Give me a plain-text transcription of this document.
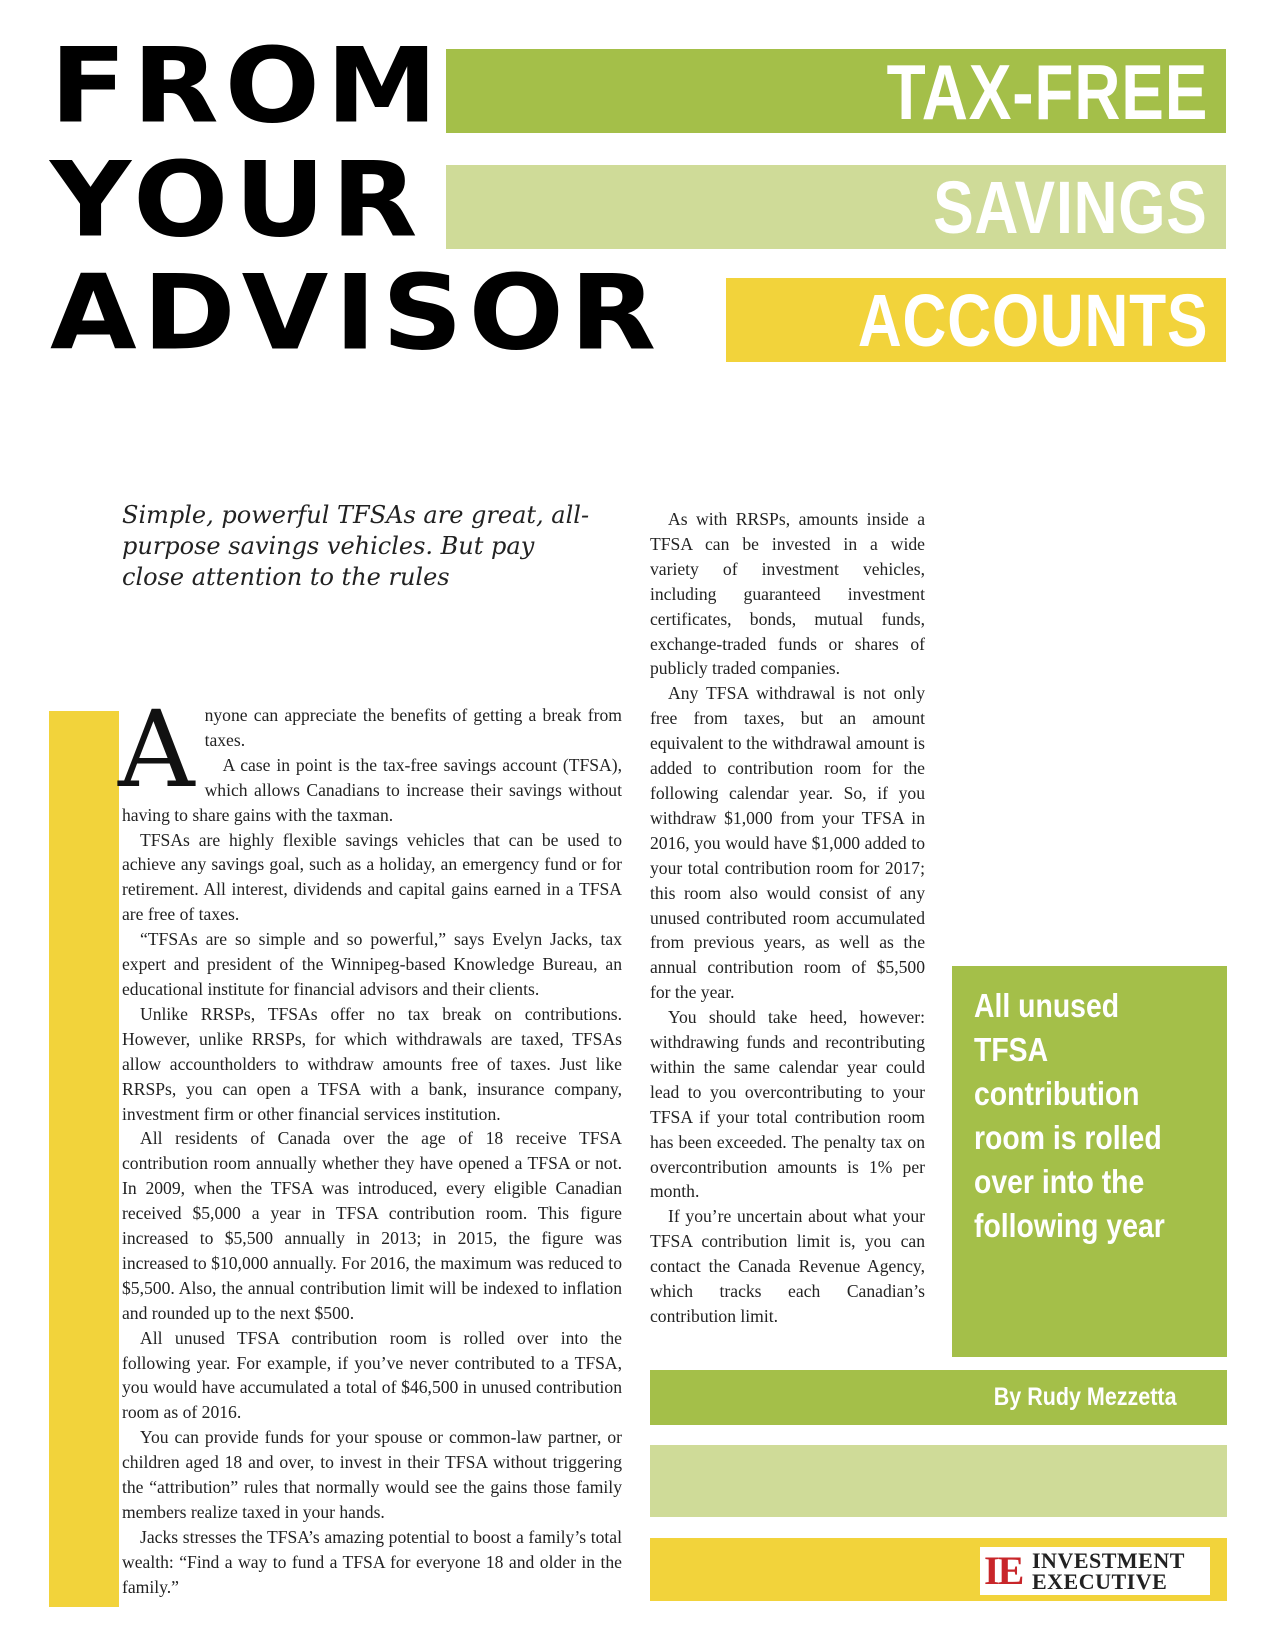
TAX-FREE
SAVINGS
ACCOUNTS
FROM
YOUR
ADVISOR
Simple, powerful TFSAs are great, all-purpose savings vehicles. But pay close attention to the rules

Anyone can appreciate the benefits of getting a break from taxes.

A case in point is the tax-free savings account (TFSA), which allows Canadians to increase their savings without having to share gains with the taxman.

TFSAs are highly flexible savings vehicles that can be used to achieve any savings goal, such as a holiday, an emergency fund or for retirement. All interest, dividends and capital gains earned in a TFSA are free of taxes.

“TFSAs are so simple and so powerful,” says Evelyn Jacks, tax expert and president of the Winnipeg-based Knowledge Bureau, an educational institute for financial advisors and their clients.

Unlike RRSPs, TFSAs offer no tax break on contributions. However, unlike RRSPs, for which withdrawals are taxed, TFSAs allow accountholders to withdraw amounts free of taxes. Just like RRSPs, you can open a TFSA with a bank, insurance company, investment firm or other financial services institution.

All residents of Canada over the age of 18 receive TFSA contribution room annually whether they have opened a TFSA or not. In 2009, when the TFSA was introduced, every eligible Canadian received $5,000 a year in TFSA contribution room. This figure increased to $5,500 annually in 2013; in 2015, the figure was increased to $10,000 annually. For 2016, the maximum was reduced to $5,500. Also, the annual contribution limit will be indexed to inflation and rounded up to the next $500.

All unused TFSA contribution room is rolled over into the following year. For example, if you’ve never contributed to a TFSA, you would have accumulated a total of $46,500 in unused contribution room as of 2016.

You can provide funds for your spouse or common-law partner, or children aged 18 and over, to invest in their TFSA without triggering the “attribution” rules that normally would see the gains those family members realize taxed in your hands.

Jacks stresses the TFSA’s amazing potential to boost a family’s total wealth: “Find a way to fund a TFSA for everyone 18 and older in the family.”

As with RRSPs, amounts inside a TFSA can be invested in a wide variety of investment vehicles, including guaranteed investment certificates, bonds, mutual funds, exchange-traded funds or shares of publicly traded companies.

Any TFSA withdrawal is not only free from taxes, but an amount equivalent to the withdrawal amount is added to contribution room for the following calendar year. So, if you withdraw $1,000 from your TFSA in 2016, you would have $1,000 added to your total contribution room for 2017; this room also would consist of any unused contributed room accumulated from previous years, as well as the annual contribution room of $5,500 for the year.

You should take heed, however: withdrawing funds and recontributing within the same calendar year could lead to you overcontributing to your TFSA if your total contribution room has been exceeded. The penalty tax on overcontribution amounts is 1% per month.

If you’re uncertain about what your TFSA contribution limit is, you can contact the Canada Revenue Agency, which tracks each Canadian’s contribution limit.

All unused TFSA contribution room is rolled over into the following year
By Rudy Mezzetta
IE INVESTMENT
EXECUTIVE
